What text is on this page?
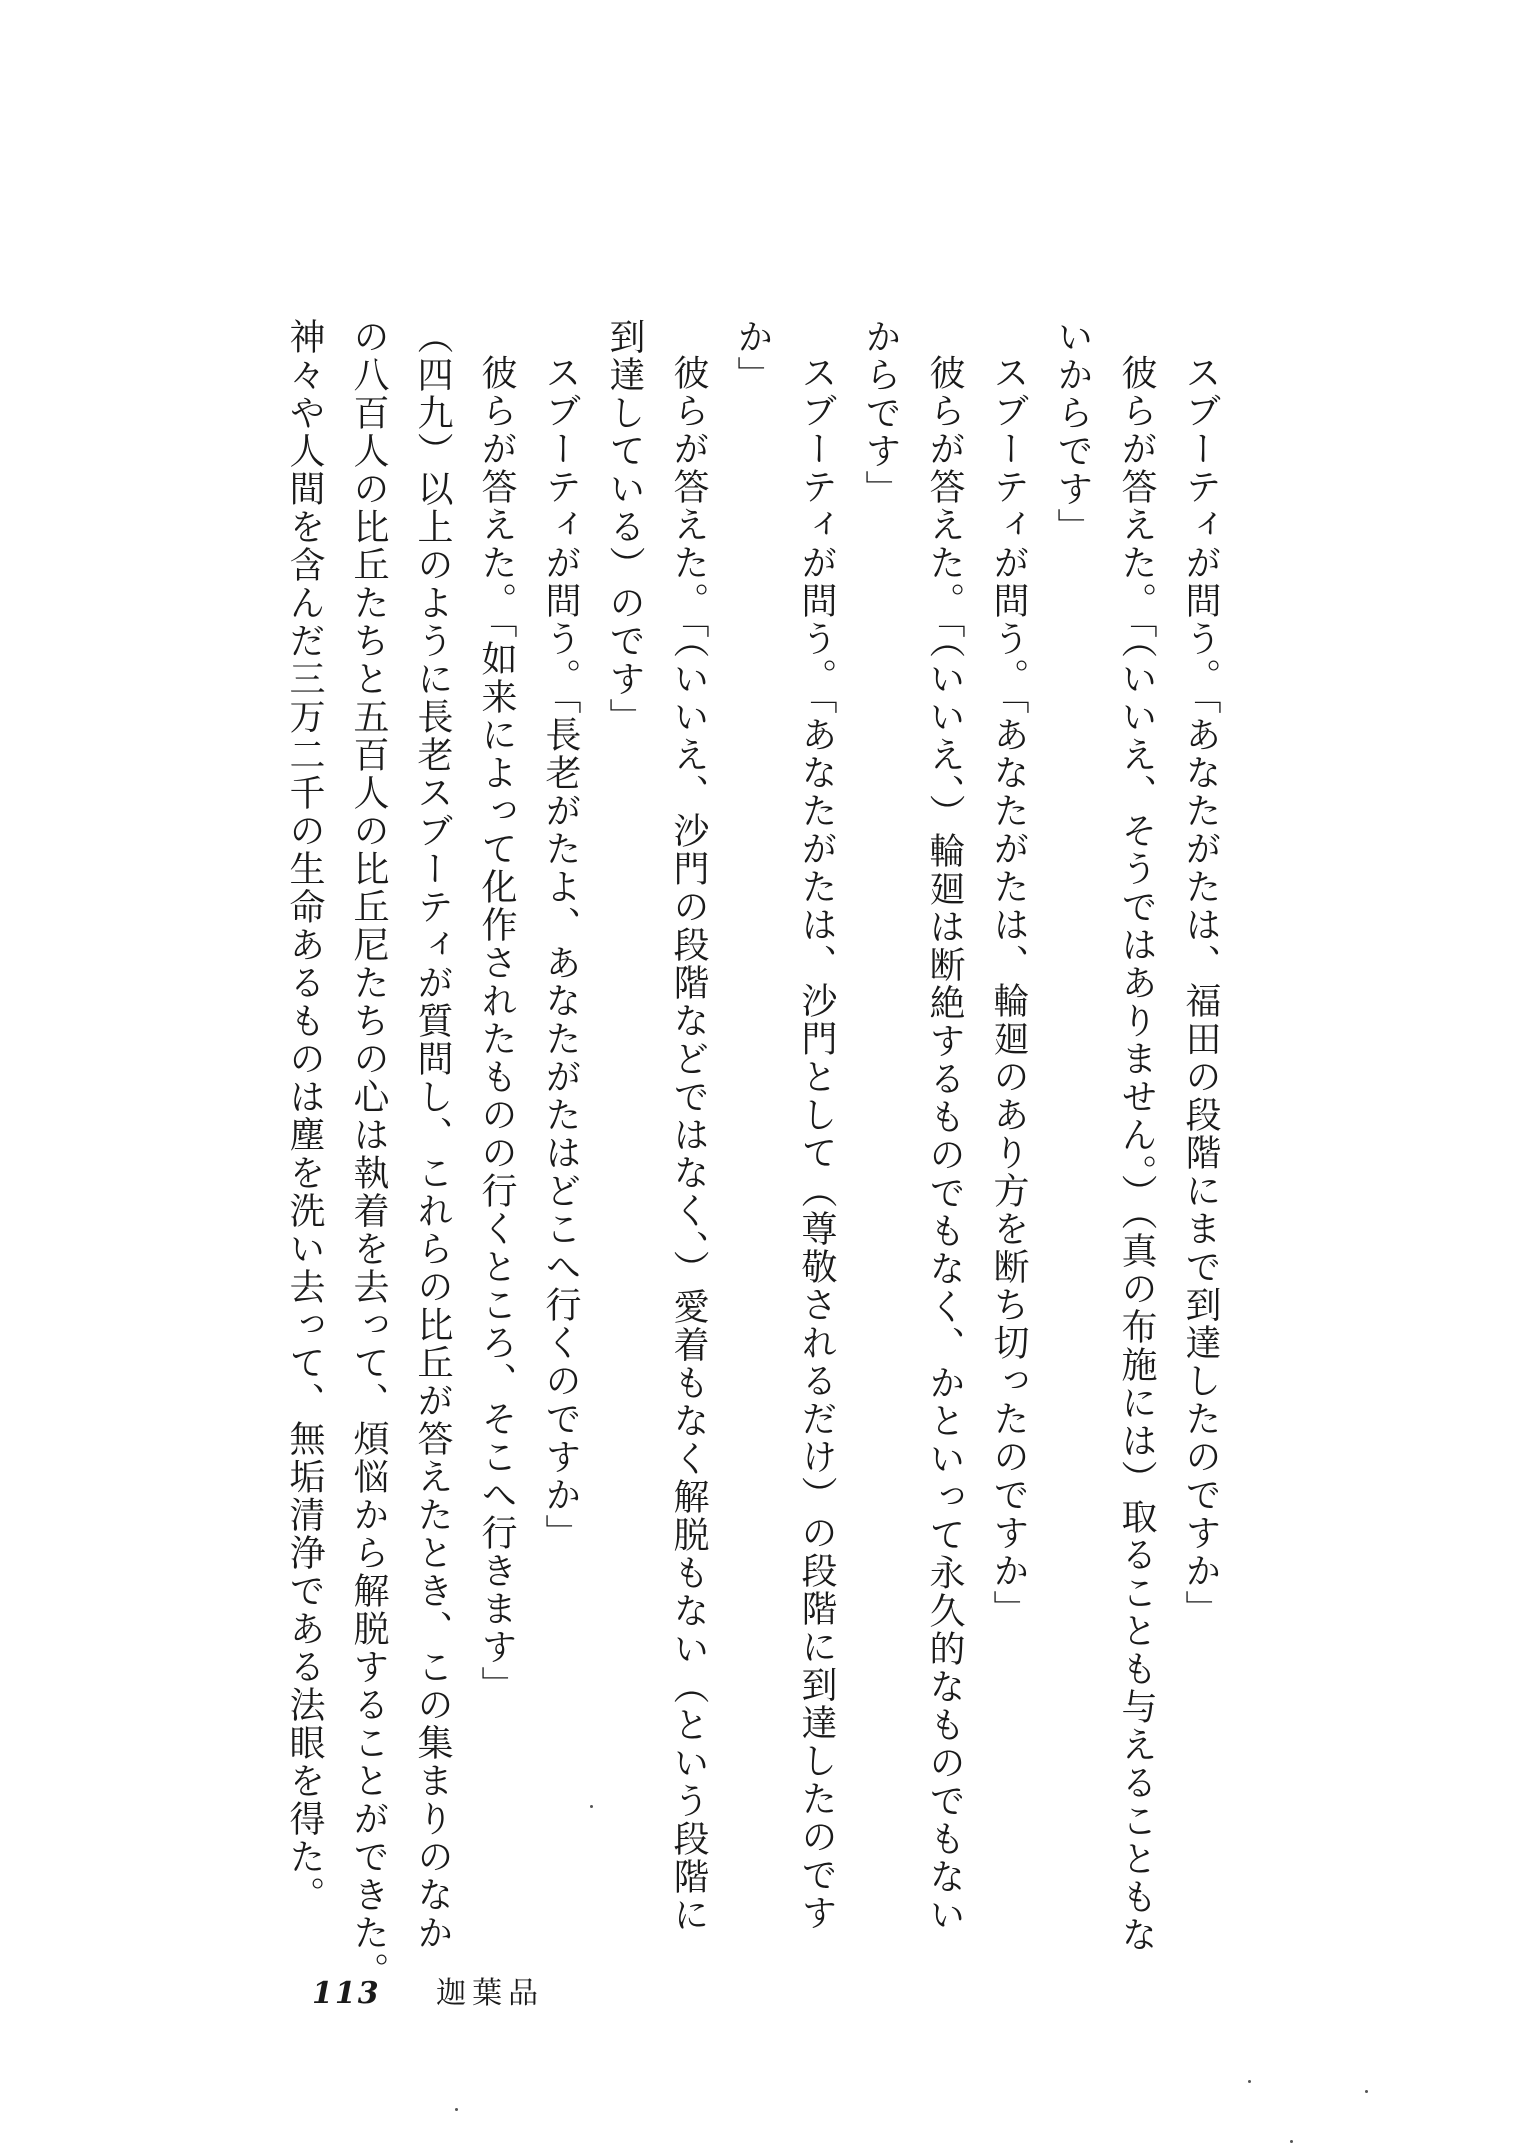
スブーティが問う。「あなたがたは、福田の段階にまで到達したのですか」
彼らが答えた。「（いいえ、そうではありません。）（真の布施には）取ることも与えることもな
いからです」
スブーティが問う。「あなたがたは、輪廻のあり方を断ち切ったのですか」
彼らが答えた。「（いいえ、）輪廻は断絶するものでもなく、かといって永久的なものでもない
からです」
スブーティが問う。「あなたがたは、沙門として（尊敬されるだけ）の段階に到達したのです
か」
彼らが答えた。「（いいえ、沙門の段階などではなく、）愛着もなく解脱もない（という段階に
到達している）のです」
スブーティが問う。「長老がたよ、あなたがたはどこへ行くのですか」
彼らが答えた。「如来によって化作されたものの行くところ、そこへ行きます」
（四九）以上のように長老スブーティが質問し、これらの比丘が答えたとき、この集まりのなか
の八百人の比丘たちと五百人の比丘尼たちの心は執着を去って、煩悩から解脱することができた。
神々や人間を含んだ三万二千の生命あるものは塵を洗い去って、無垢清浄である法眼を得た。
113 迦葉品
